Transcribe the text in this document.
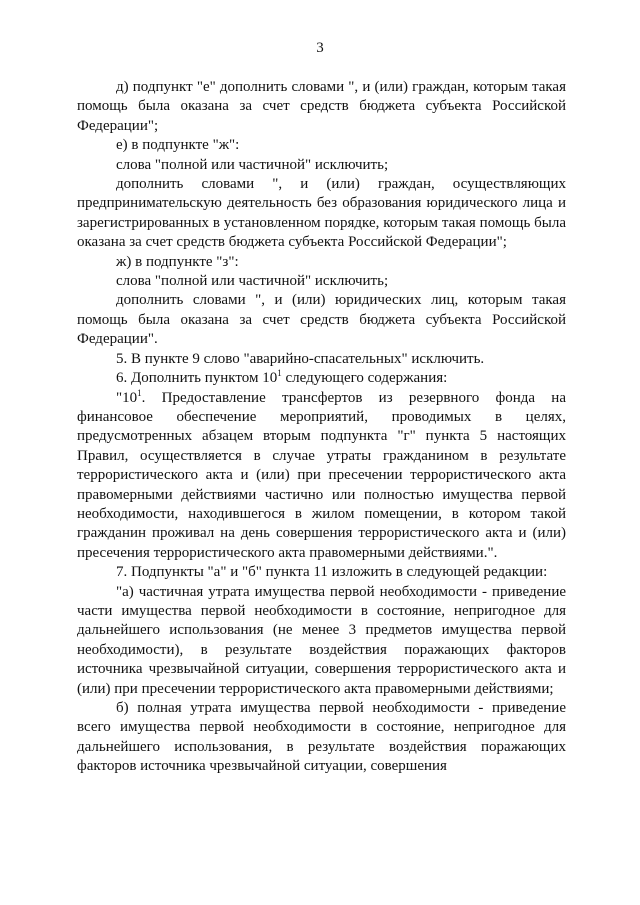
3

д) подпункт "е" дополнить словами ", и (или) граждан, которым такая помощь была оказана за счет средств бюджета субъекта Российской Федерации";

е) в подпункте "ж":

слова "полной или частичной" исключить;

дополнить словами ", и (или) граждан, осуществляющих предпринимательскую деятельность без образования юридического лица и зарегистрированных в установленном порядке, которым такая помощь была оказана за счет средств бюджета субъекта Российской Федерации";

ж) в подпункте "з":

слова "полной или частичной" исключить;

дополнить словами ", и (или) юридических лиц, которым такая помощь была оказана за счет средств бюджета субъекта Российской Федерации".

5. В пункте 9 слово "аварийно-спасательных" исключить.

6. Дополнить пунктом $10^1$ следующего содержания:

"$10^1$. Предоставление трансфертов из резервного фонда на финансовое обеспечение мероприятий, проводимых в целях, предусмотренных абзацем вторым подпункта "г" пункта 5 настоящих Правил, осуществляется в случае утраты гражданином в результате террористического акта и (или) при пресечении террористического акта правомерными действиями частично или полностью имущества первой необходимости, находившегося в жилом помещении, в котором такой гражданин проживал на день совершения террористического акта и (или) пресечения террористического акта правомерными действиями.".

7. Подпункты "а" и "б" пункта 11 изложить в следующей редакции:

"а) частичная утрата имущества первой необходимости - приведение части имущества первой необходимости в состояние, непригодное для дальнейшего использования (не менее 3 предметов имущества первой необходимости), в результате воздействия поражающих факторов источника чрезвычайной ситуации, совершения террористического акта и (или) при пресечении террористического акта правомерными действиями;

б) полная утрата имущества первой необходимости - приведение всего имущества первой необходимости в состояние, непригодное для дальнейшего использования, в результате воздействия поражающих факторов источника чрезвычайной ситуации, совершения
